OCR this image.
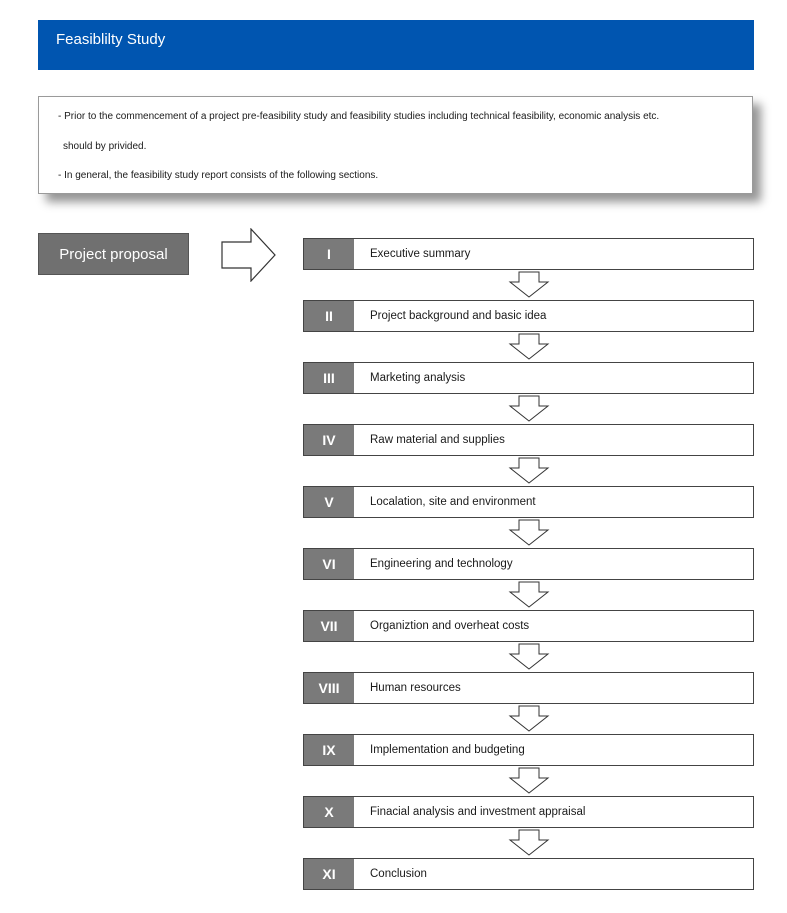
Feasiblilty Study
- Prior to the commencement of a project pre-feasibility study and feasibility studies including technical feasibility, economic analysis etc.
should by privided.
- In general, the feasibility study report consists of the following sections.
Project proposal	I	Executive summary
II	Project background and basic idea
III	Marketing analysis
IV	Raw material and supplies
V	Localation, site and environment
VI	Engineering and technology
VII	Organiztion and overheat costs
VIII	Human resources
IX	Implementation and budgeting
X	Finacial analysis and investment appraisal
XI	Conclusion
